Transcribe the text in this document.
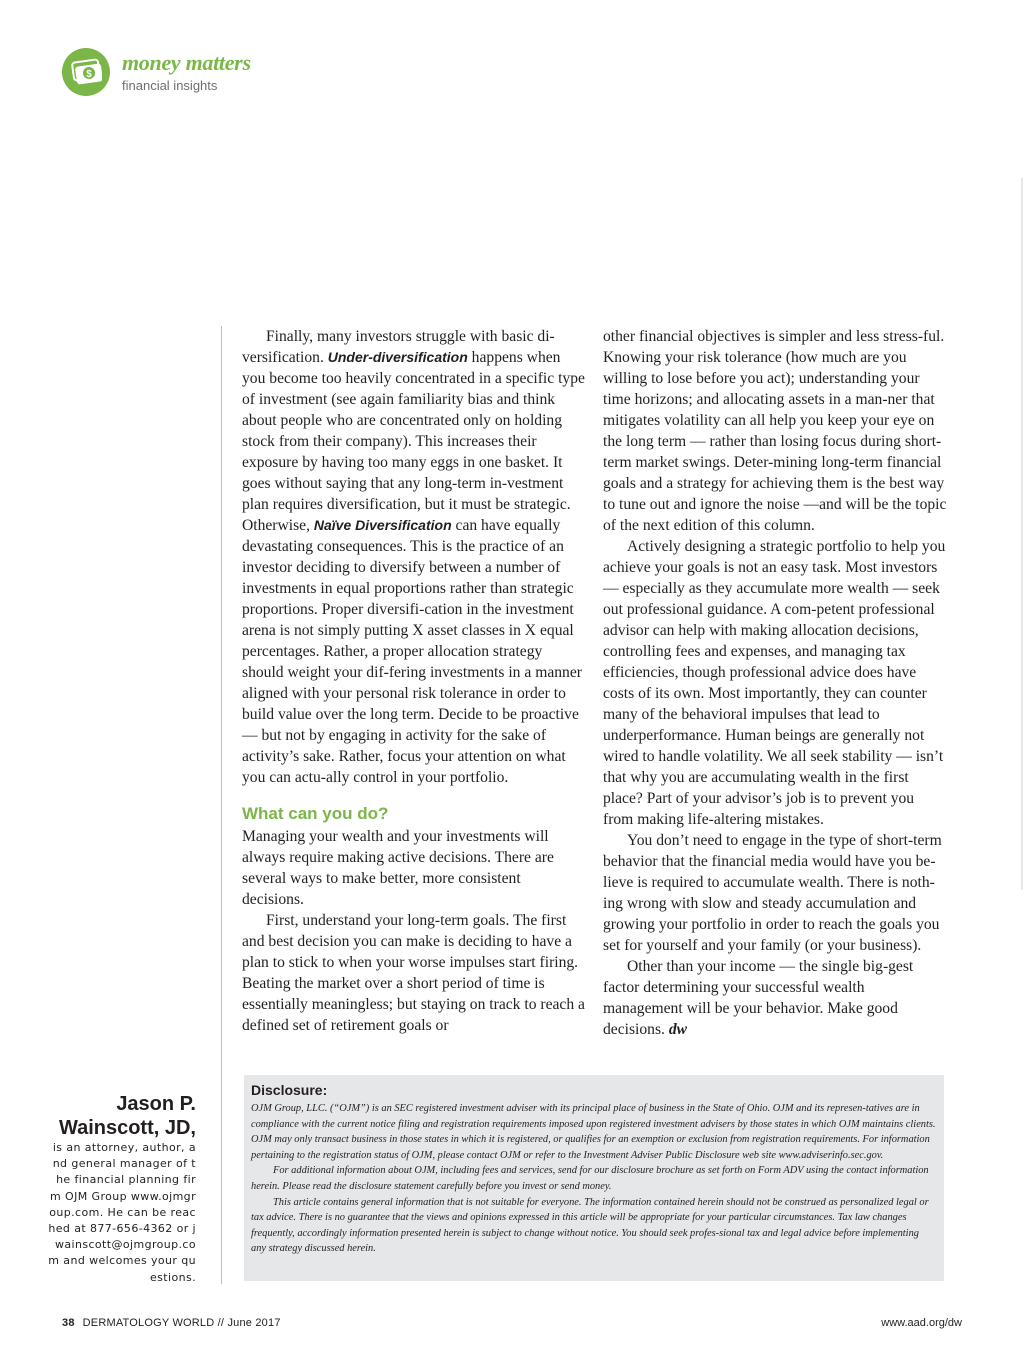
$ money matters
financial insights

Finally, many investors struggle with basic di-versification. Under-diversification happens when you become too heavily concentrated in a specific type of investment (see again familiarity bias and think about people who are concentrated only on holding stock from their company). This increases their exposure by having too many eggs in one basket. It goes without saying that any long-term in-vestment plan requires diversification, but it must be strategic. Otherwise, Naïve Diversification can have equally devastating consequences. This is the practice of an investor deciding to diversify between a number of investments in equal proportions rather than strategic proportions. Proper diversifi-cation in the investment arena is not simply putting X asset classes in X equal percentages. Rather, a proper allocation strategy should weight your dif-fering investments in a manner aligned with your personal risk tolerance in order to build value over the long term. Decide to be proactive — but not by engaging in activity for the sake of activity’s sake. Rather, focus your attention on what you can actu-ally control in your portfolio.

What can you do?

Managing your wealth and your investments will always require making active decisions. There are several ways to make better, more consistent decisions.

First, understand your long-term goals. The first and best decision you can make is deciding to have a plan to stick to when your worse impulses start firing. Beating the market over a short period of time is essentially meaningless; but staying on track to reach a defined set of retirement goals or

other financial objectives is simpler and less stress-ful. Knowing your risk tolerance (how much are you willing to lose before you act); understanding your time horizons; and allocating assets in a man-ner that mitigates volatility can all help you keep your eye on the long term — rather than losing focus during short-term market swings. Deter-mining long-term financial goals and a strategy for achieving them is the best way to tune out and ignore the noise —and will be the topic of the next edition of this column.

Actively designing a strategic portfolio to help you achieve your goals is not an easy task. Most investors — especially as they accumulate more wealth — seek out professional guidance. A com-petent professional advisor can help with making allocation decisions, controlling fees and expenses, and managing tax efficiencies, though professional advice does have costs of its own. Most importantly, they can counter many of the behavioral impulses that lead to underperformance. Human beings are generally not wired to handle volatility. We all seek stability — isn’t that why you are accumulating wealth in the first place? Part of your advisor’s job is to prevent you from making life-altering mistakes.

You don’t need to engage in the type of short-term behavior that the financial media would have you be-lieve is required to accumulate wealth. There is noth-ing wrong with slow and steady accumulation and growing your portfolio in order to reach the goals you set for yourself and your family (or your business).

Other than your income — the single big-gest factor determining your successful wealth management will be your behavior. Make good decisions. dw

Jason P. Wainscott, JD,
is an attorney, author, and general manager of the financial planning firm OJM Group www.ojmgroup.com. He can be reached at 877-656-4362 or jwainscott@ojmgroup.com and welcomes your questions.
Disclosure:

OJM Group, LLC. (“OJM”) is an SEC registered investment adviser with its principal place of business in the State of Ohio. OJM and its represen-tatives are in compliance with the current notice filing and registration requirements imposed upon registered investment advisers by those states in which OJM maintains clients. OJM may only transact business in those states in which it is registered, or qualifies for an exemption or exclusion from registration requirements. For information pertaining to the registration status of OJM, please contact OJM or refer to the Investment Adviser Public Disclosure web site www.adviserinfo.sec.gov.

For additional information about OJM, including fees and services, send for our disclosure brochure as set forth on Form ADV using the contact information herein. Please read the disclosure statement carefully before you invest or send money.

This article contains general information that is not suitable for everyone. The information contained herein should not be construed as personalized legal or tax advice. There is no guarantee that the views and opinions expressed in this article will be appropriate for your particular circumstances. Tax law changes frequently, accordingly information presented herein is subject to change without notice. You should seek profes-sional tax and legal advice before implementing any strategy discussed herein.

38 DERMATOLOGY WORLD // June 2017	www.aad.org/dw
